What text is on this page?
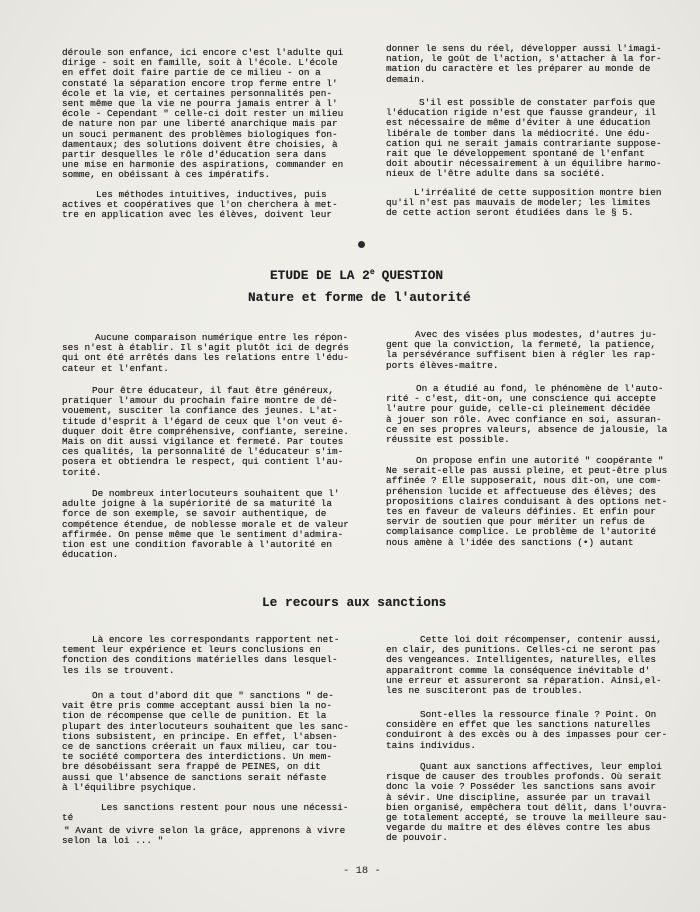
déroule son enfance, ici encore c'est l'adulte qui
dirige - soit en famille, soit à l'école. L'école
en effet doit faire partie de ce milieu - on a
constaté la séparation encore trop ferme entre l'
école et la vie, et certaines personnalités pen-
sent même que la vie ne pourra jamais entrer à l'
école - Cependant " celle-ci doit rester un milieu
de nature non par une liberté anarchique mais par
un souci permanent des problèmes biologiques fon-
damentaux; des solutions doivent être choisies, à
partir desquelles le rôle d'éducation sera dans
une mise en harmonie des aspirations, commander en
somme, en obéissant à ces impératifs.

Les méthodes intuitives, inductives, puis
actives et coopératives que l'on cherchera à met-
tre en application avec les élèves, doivent leur

donner le sens du réel, développer aussi l'imagi-
nation, le goût de l'action, s'attacher à la for-
mation du caractère et les préparer au monde de
demain.

S'il est possible de constater parfois que
l'éducation rigide n'est que fausse grandeur, il
est nécessaire de même d'éviter à une éducation
libérale de tomber dans la médiocrité. Une édu-
cation qui ne serait jamais contrariante suppose-
rait que le développement spontané de l'enfant
doit aboutir nécessairement à un équilibre harmo-
nieux de l'être adulte dans sa société.

L'irréalité de cette supposition montre bien
qu'il n'est pas mauvais de modeler; les limites
de cette action seront étudiées dans le § 5.

ETUDE DE LA 2e QUESTION
Nature et forme de l'autorité

Aucune comparaison numérique entre les répon-
ses n'est à établir. Il s'agit plutôt ici de degrés
qui ont été arrêtés dans les relations entre l'édu-
cateur et l'enfant.

Pour être éducateur, il faut être généreux,
pratiquer l'amour du prochain faire montre de dé-
vouement, susciter la confiance des jeunes. L'at-
titude d'esprit à l'égard de ceux que l'on veut é-
duquer doit être compréhensive, confiante, sereine.
Mais on dit aussi vigilance et fermeté. Par toutes
ces qualités, la personnalité de l'éducateur s'im-
posera et obtiendra le respect, qui contient l'au-
torité.

De nombreux interlocuteurs souhaitent que l'
adulte joigne à la supériorité de sa maturité la
force de son exemple, se savoir authentique, de
compétence étendue, de noblesse morale et de valeur
affirmée. On pense même que le sentiment d'admira-
tion est une condition favorable à l'autorité en
éducation.

Avec des visées plus modestes, d'autres ju-
gent que la conviction, la fermeté, la patience,
la persévérance suffisent bien à régler les rap-
ports élèves-maître.

On a étudié au fond, le phénomène de l'auto-
rité - c'est, dit-on, une conscience qui accepte
l'autre pour guide, celle-ci pleinement décidée
à jouer son rôle. Avec confiance en soi, assuran-
ce en ses propres valeurs, absence de jalousie, la
réussite est possible.

On propose enfin une autorité " coopérante "
Ne serait-elle pas aussi pleine, et peut-être plus
affinée ? Elle supposerait, nous dit-on, une com-
préhension lucide et affectueuse des élèves; des
propositions claires conduisant à des options net-
tes en faveur de valeurs définies. Et enfin pour
servir de soutien que pour mériter un refus de
complaisance complice. Le problème de l'autorité
nous amène à l'idée des sanctions (•) autant

Le recours aux sanctions

Là encore les correspondants rapportent net-
tement leur expérience et leurs conclusions en
fonction des conditions matérielles dans lesquel-
les ils se trouvent.

On a tout d'abord dit que " sanctions " de-
vait être pris comme acceptant aussi bien la no-
tion de récompense que celle de punition. Et la
plupart des interlocuteurs souhaitent que les sanc-
tions subsistent, en principe. En effet, l'absen-
ce de sanctions créerait un faux milieu, car tou-
te société comportera des interdictions. Un mem-
bre désobéissant sera frappé de PEINES, on dit
aussi que l'absence de sanctions serait néfaste
à l'équilibre psychique.

Les sanctions restent pour nous une nécessi-
té

" Avant de vivre selon la grâce, apprenons à vivre
selon la loi ... "

Cette loi doit récompenser, contenir aussi,
en clair, des punitions. Celles-ci ne seront pas
des vengeances. Intelligentes, naturelles, elles
apparaîtront comme la conséquence inévitable d'
une erreur et assureront sa réparation. Ainsi,el-
les ne susciteront pas de troubles.

Sont-elles la ressource finale ? Point. On
considère en effet que les sanctions naturelles
conduiront à des excès ou à des impasses pour cer-
tains individus.

Quant aux sanctions affectives, leur emploi
risque de causer des troubles profonds. Où serait
donc la voie ? Posséder les sanctions sans avoir
à sévir. Une discipline, assurée par un travail
bien organisé, empêchera tout délit, dans l'ouvra-
ge totalement accepté, se trouve la meilleure sau-
vegarde du maître et des élèves contre les abus
de pouvoir.

- 18 -
